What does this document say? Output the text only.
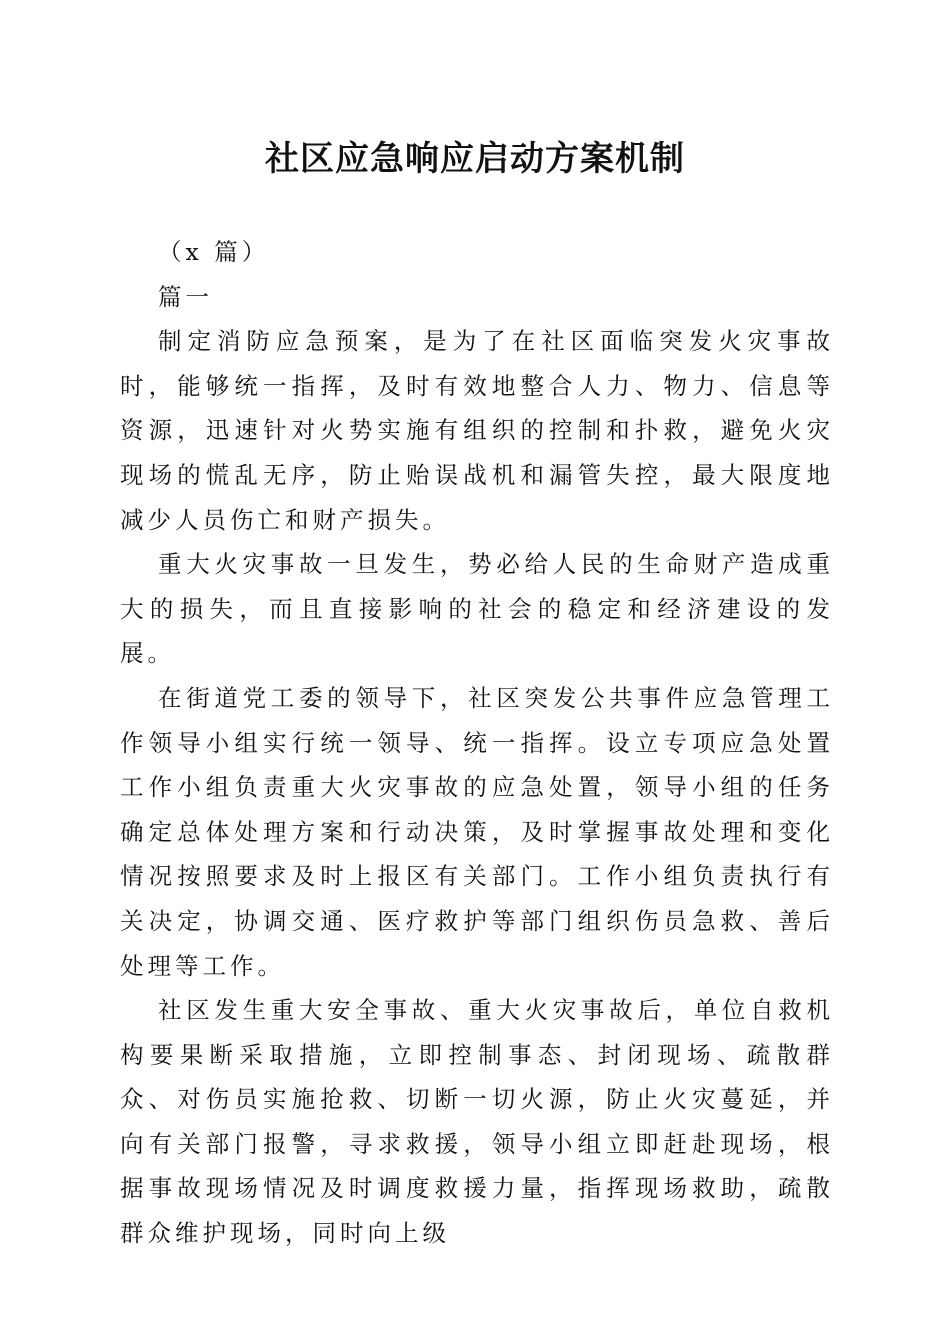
社区应急响应启动方案机制

（x 篇）

篇一

制定消防应急预案，是为了在社区面临突发火灾事故时，能够统一指挥，及时有效地整合人力、物力、信息等资源，迅速针对火势实施有组织的控制和扑救，避免火灾现场的慌乱无序，防止贻误战机和漏管失控，最大限度地减少人员伤亡和财产损失。

重大火灾事故一旦发生，势必给人民的生命财产造成重大的损失，而且直接影响的社会的稳定和经济建设的发展。

在街道党工委的领导下，社区突发公共事件应急管理工作领导小组实行统一领导、统一指挥。设立专项应急处置工作小组负责重大火灾事故的应急处置，领导小组的任务确定总体处理方案和行动决策，及时掌握事故处理和变化情况按照要求及时上报区有关部门。工作小组负责执行有关决定，协调交通、医疗救护等部门组织伤员急救、善后处理等工作。

社区发生重大安全事故、重大火灾事故后，单位自救机构要果断采取措施，立即控制事态、封闭现场、疏散群众、对伤员实施抢救、切断一切火源，防止火灾蔓延，并向有关部门报警，寻求救援，领导小组立即赶赴现场，根据事故现场情况及时调度救援力量，指挥现场救助，疏散群众维护现场，同时向上级
